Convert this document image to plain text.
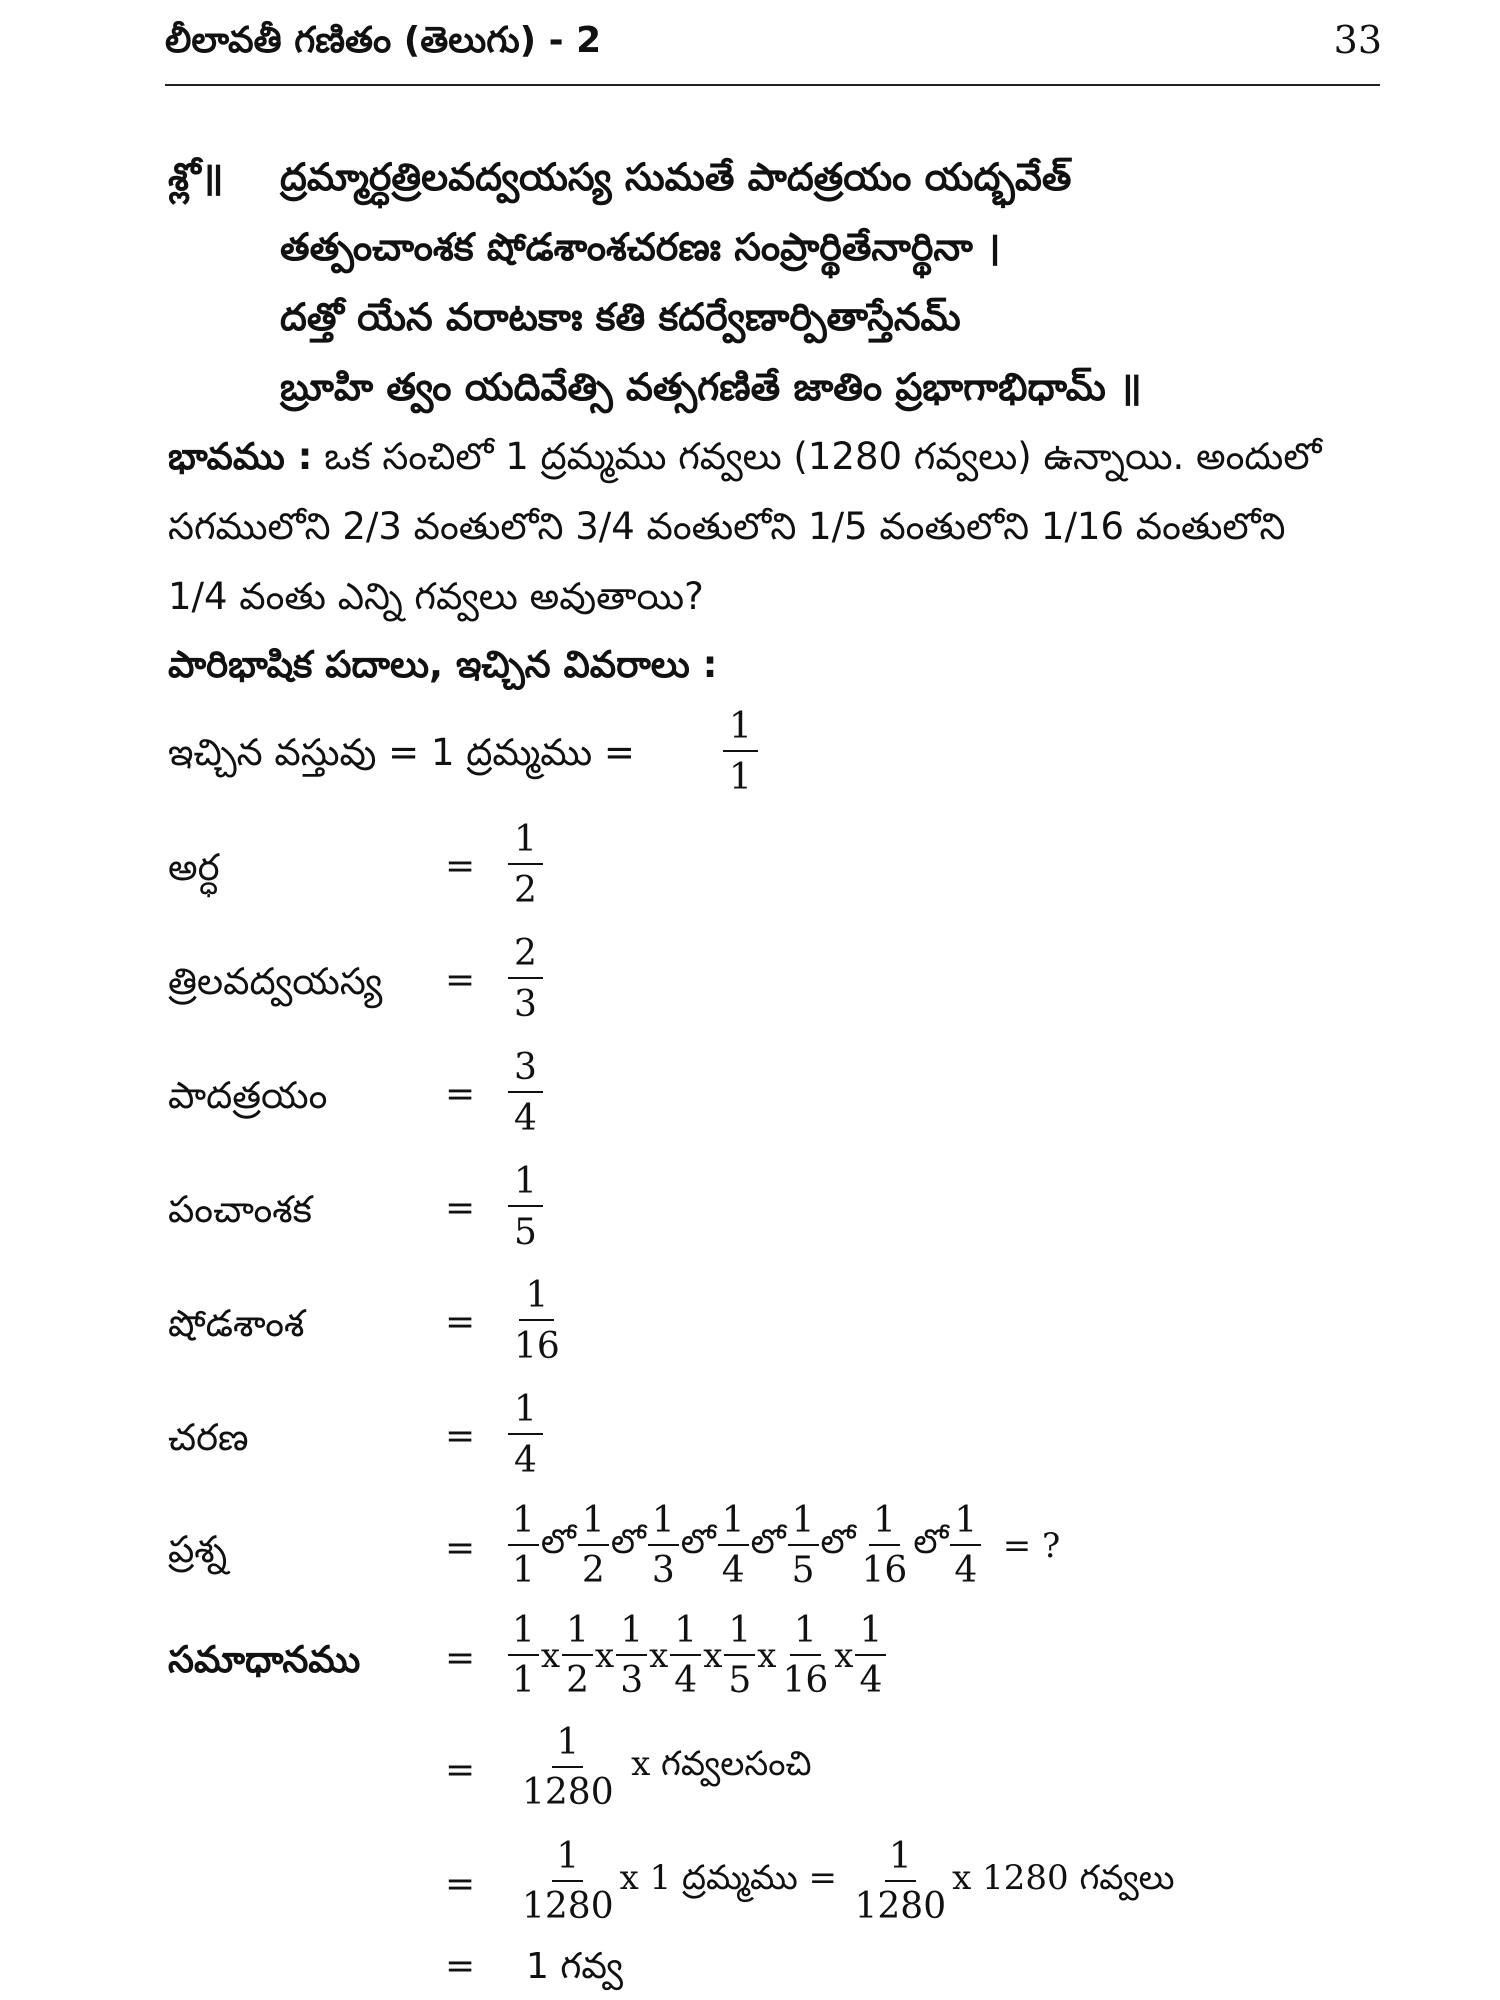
లీలావతీ గణితం (తెలుగు) - 2	33
శ్లో॥ ద్రమ్మార్ధత్రిలవద్వయస్య సుమతే పాదత్రయం యద్భవేత్
తత్పంచాంశక షోడశాంశచరణః సంప్రార్థితేనార్థినా ।
దత్తో యేన వరాటకాః కతి కదర్వేణార్పితాస్తేనమ్
బ్రూహి త్వం యదివేత్సి వత్సగణితే జాతిం ప్రభాగాభిధామ్ ॥
భావము : ఒక సంచిలో 1 ద్రమ్మము గవ్వలు (1280 గవ్వలు) ఉన్నాయి. అందులో
సగములోని 2/3 వంతులోని 3/4 వంతులోని 1/5 వంతులోని 1/16 వంతులోని
1/4 వంతు ఎన్ని గవ్వలు అవుతాయి?
పారిభాషిక పదాలు, ఇచ్చిన వివరాలు :
ఇచ్చిన వస్తువు = 1 ద్రమ్మము = $\frac{1}{1}$
అర్ధ	= $\frac{1}{2}$
త్రిలవద్వయస్య = $\frac{2}{3}$
పాదత్రయం	= $\frac{3}{4}$
పంచాంశక	= $\frac{1}{5}$
షోడశాంశ	= $\frac{1}{16}$
చరణ	= $\frac{1}{4}$
ప్రశ్న	= $\frac{1}{1}$ లో $\frac{1}{2}$ లో $\frac{1}{3}$ లో $\frac{1}{4}$ లో $\frac{1}{5}$ లో $\frac{1}{16}$ లో $\frac{1}{4}$ = ?
సమాధానము = $\frac{1}{1}$ x $\frac{1}{2}$ x $\frac{1}{3}$ x $\frac{1}{4}$ x $\frac{1}{5}$ x $\frac{1}{16}$ x $\frac{1}{4}$
= $\frac{1}{1280}$ x గవ్వలసంచి
= $\frac{1}{1280}$ x 1 ద్రమ్మము = $\frac{1}{1280}$ x 1280 గవ్వలు
= 1 గవ్వ
